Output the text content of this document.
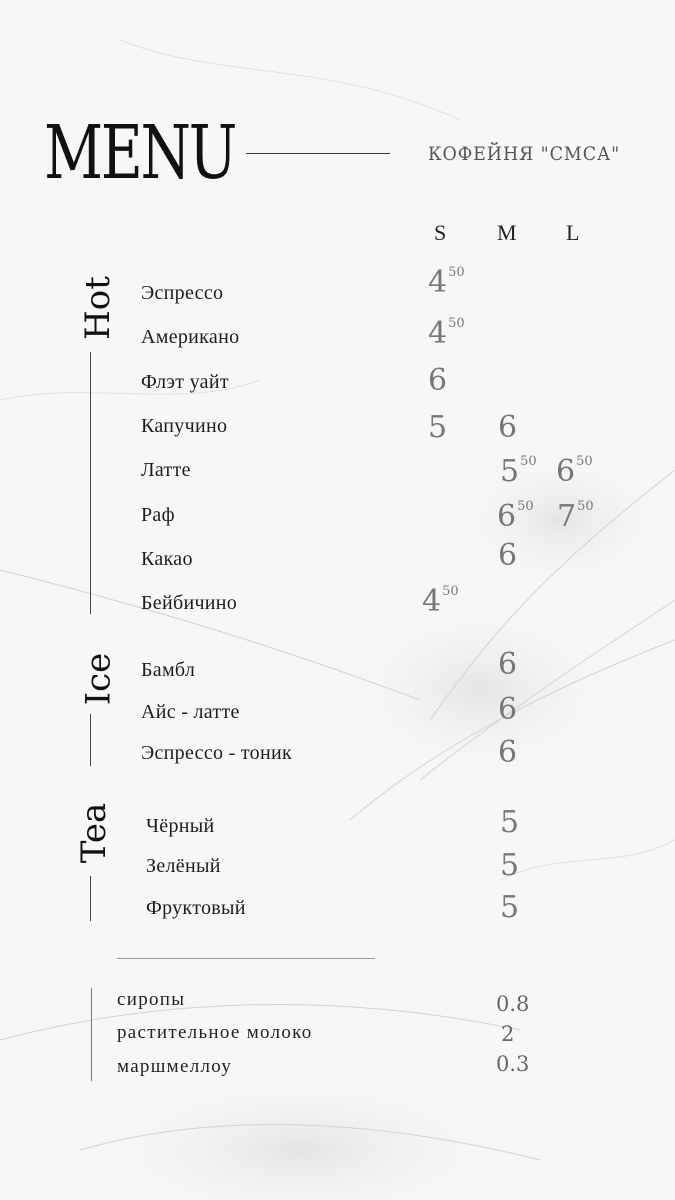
MENU	КОФЕЙНЯ "СМСА"
S M L
Hot
Ice
Tea
Эспрессо
Американо
Флэт уайт
Капучино
Латте
Раф
Какао
Бейбичино
Бамбл
Айс - латте
Эспрессо - тоник
Чёрный
Зелёный
Фруктовый
$4^{50}$
$4^{50}$
6
5 6
$5^{50}$ $6^{50}$
$6^{50}$ $7^{50}$
6
$4^{50}$
6
6
6
5
5
5
сиропы
растительное молоко
маршмеллоу
0.8
2
0.3
